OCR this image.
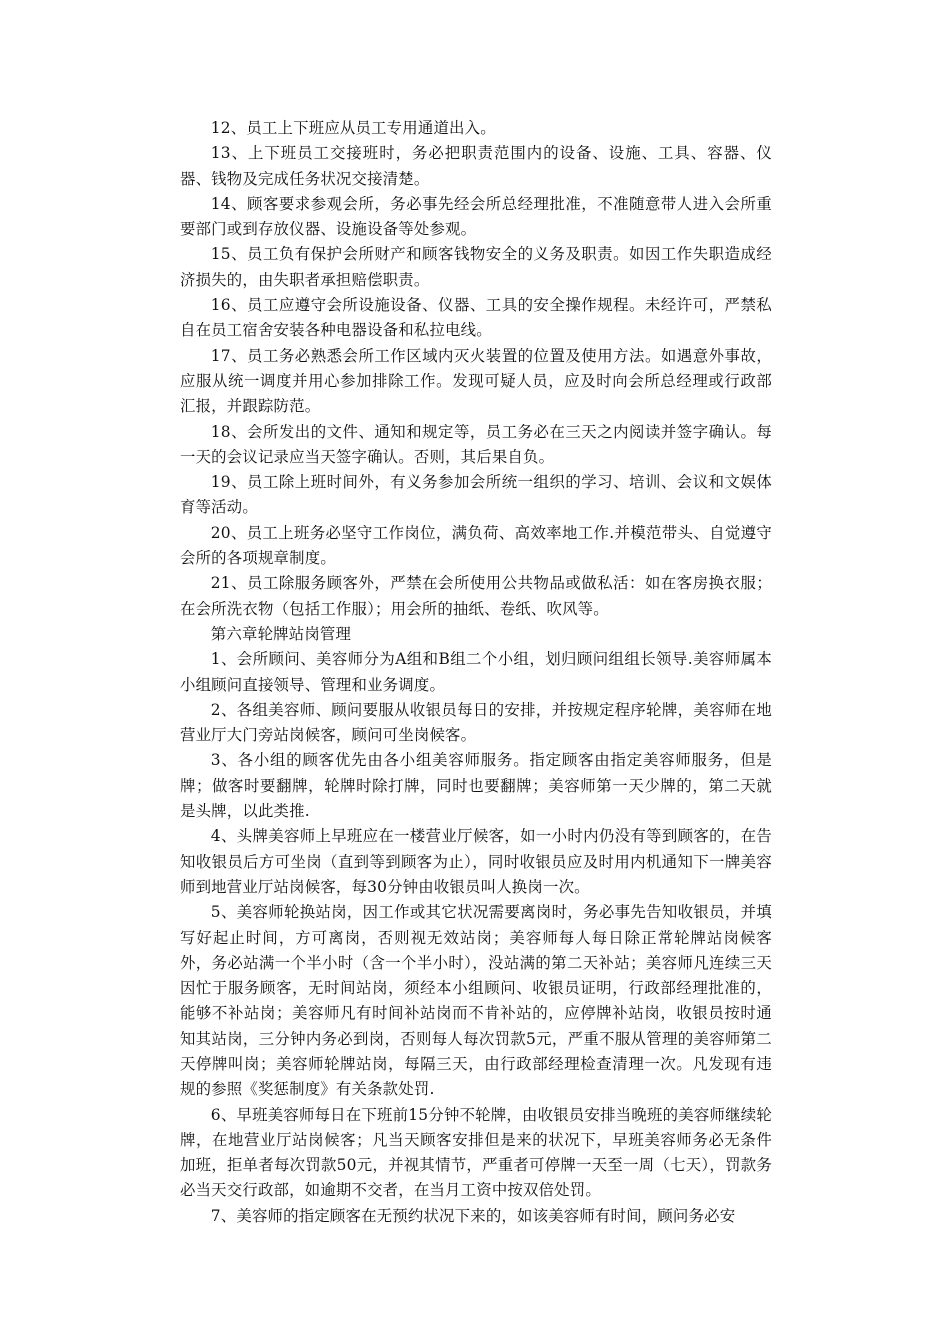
12、员工上下班应从员工专用通道出入。

13、上下班员工交接班时，务必把职责范围内的设备、设施、工具、容器、仪器、钱物及完成任务状况交接清楚。

14、顾客要求参观会所，务必事先经会所总经理批准，不准随意带人进入会所重要部门或到存放仪器、设施设备等处参观。

15、员工负有保护会所财产和顾客钱物安全的义务及职责。如因工作失职造成经济损失的，由失职者承担赔偿职责。

16、员工应遵守会所设施设备、仪器、工具的安全操作规程。未经许可，严禁私自在员工宿舍安装各种电器设备和私拉电线。

17、员工务必熟悉会所工作区域内灭火装置的位置及使用方法。如遇意外事故，应服从统一调度并用心参加排除工作。发现可疑人员，应及时向会所总经理或行政部汇报，并跟踪防范。

18、会所发出的文件、通知和规定等，员工务必在三天之内阅读并签字确认。每一天的会议记录应当天签字确认。否则，其后果自负。

19、员工除上班时间外，有义务参加会所统一组织的学习、培训、会议和文娱体育等活动。

20、员工上班务必坚守工作岗位，满负荷、高效率地工作.并模范带头、自觉遵守会所的各项规章制度。

21、员工除服务顾客外，严禁在会所使用公共物品或做私活：如在客房换衣服；在会所洗衣物（包括工作服）；用会所的抽纸、卷纸、吹风等。

第六章轮牌站岗管理

1、会所顾问、美容师分为A组和B组二个小组，划归顾问组组长领导.美容师属本小组顾问直接领导、管理和业务调度。

2、各组美容师、顾问要服从收银员每日的安排，并按规定程序轮牌，美容师在地营业厅大门旁站岗候客，顾问可坐岗候客。

3、各小组的顾客优先由各小组美容师服务。指定顾客由指定美容师服务，但是牌；做客时要翻牌，轮牌时除打牌，同时也要翻牌；美容师第一天少牌的，第二天就是头牌，以此类推.

4、头牌美容师上早班应在一楼营业厅候客，如一小时内仍没有等到顾客的，在告知收银员后方可坐岗（直到等到顾客为止），同时收银员应及时用内机通知下一牌美容师到地营业厅站岗候客，每30分钟由收银员叫人换岗一次。

5、美容师轮换站岗，因工作或其它状况需要离岗时，务必事先告知收银员，并填写好起止时间，方可离岗，否则视无效站岗；美容师每人每日除正常轮牌站岗候客外，务必站满一个半小时（含一个半小时），没站满的第二天补站；美容师凡连续三天因忙于服务顾客，无时间站岗，须经本小组顾问、收银员证明，行政部经理批准的，能够不补站岗；美容师凡有时间补站岗而不肯补站的，应停牌补站岗，收银员按时通知其站岗，三分钟内务必到岗，否则每人每次罚款5元，严重不服从管理的美容师第二天停牌叫岗；美容师轮牌站岗，每隔三天，由行政部经理检查清理一次。凡发现有违规的参照《奖惩制度》有关条款处罚.

6、早班美容师每日在下班前15分钟不轮牌，由收银员安排当晚班的美容师继续轮牌，在地营业厅站岗候客；凡当天顾客安排但是来的状况下，早班美容师务必无条件加班，拒单者每次罚款50元，并视其情节，严重者可停牌一天至一周（七天），罚款务必当天交行政部，如逾期不交者，在当月工资中按双倍处罚。

7、美容师的指定顾客在无预约状况下来的，如该美容师有时间，顾问务必安
